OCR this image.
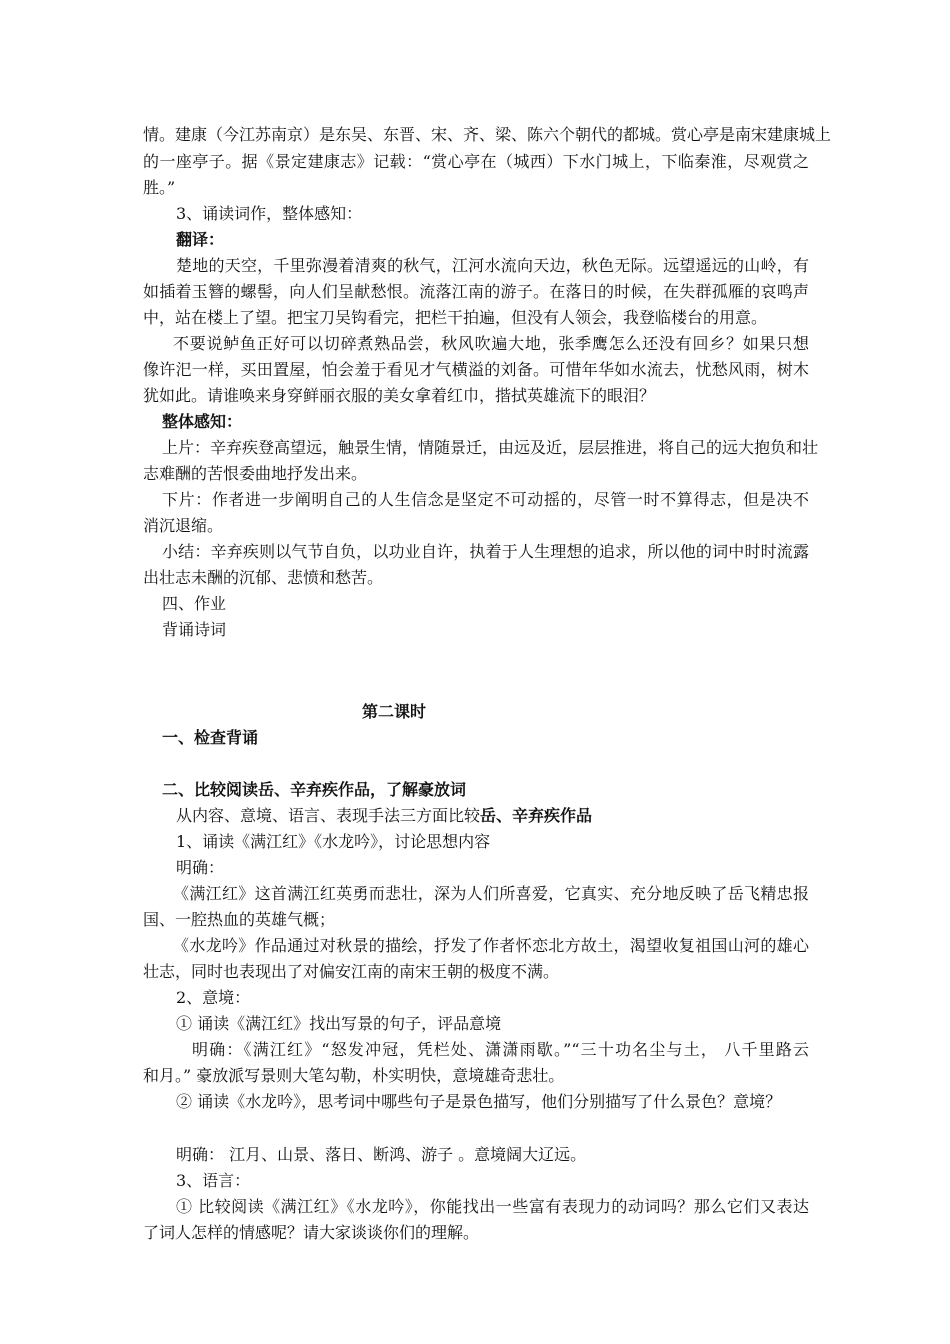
情。建康（今江苏南京）是东吴、东晋、宋、齐、梁、陈六个朝代的都城。赏心亭是南宋建康城上
的一座亭子。据《景定建康志》记载：“赏心亭在（城西）下水门城上，下临秦淮，尽观赏之
胜。”
3、诵读词作，整体感知：
翻译：
楚地的天空，千里弥漫着清爽的秋气，江河水流向天边，秋色无际。远望遥远的山岭，有
如插着玉簪的螺髻，向人们呈献愁恨。流落江南的游子。在落日的时候，在失群孤雁的哀鸣声
中，站在楼上了望。把宝刀吴钩看完，把栏干拍遍，但没有人领会，我登临楼台的用意。
不要说鲈鱼正好可以切碎煮熟品尝，秋风吹遍大地，张季鹰怎么还没有回乡？如果只想
像许汜一样，买田置屋，怕会羞于看见才气横溢的刘备。可惜年华如水流去，忧愁风雨，树木
犹如此。请谁唤来身穿鲜丽衣服的美女拿着红巾，揩拭英雄流下的眼泪？
整体感知：
上片：辛弃疾登高望远，触景生情，情随景迁，由远及近，层层推进，将自己的远大抱负和壮
志难酬的苦恨委曲地抒发出来。
下片：作者进一步阐明自己的人生信念是坚定不可动摇的，尽管一时不算得志，但是决不
消沉退缩。
小结：辛弃疾则以气节自负，以功业自许，执着于人生理想的追求，所以他的词中时时流露
出壮志未酬的沉郁、悲愤和愁苦。
四、作业
背诵诗词
第二课时
一、检查背诵
二、比较阅读岳、辛弃疾作品，了解豪放词
从内容、意境、语言、表现手法三方面比较岳、辛弃疾作品
1、诵读《满江红》《水龙吟》，讨论思想内容
明确：
《满江红》这首满江红英勇而悲壮，深为人们所喜爱，它真实、充分地反映了岳飞精忠报
国、一腔热血的英雄气概；
《水龙吟》作品通过对秋景的描绘，抒发了作者怀恋北方故土，渴望收复祖国山河的雄心
壮志，同时也表现出了对偏安江南的南宋王朝的极度不满。
2、意境：
① 诵读《满江红》找出写景的句子，评品意境
明确：《满江红》“怒发冲冠，凭栏处、潇潇雨歇。”“三十功名尘与土， 八千里路云
和月。” 豪放派写景则大笔勾勒，朴实明快，意境雄奇悲壮。
② 诵读《水龙吟》，思考词中哪些句子是景色描写，他们分别描写了什么景色？意境？
明确： 江月、山景、落日、断鸿、游子 。意境阔大辽远。
3、语言：
① 比较阅读《满江红》《水龙吟》，你能找出一些富有表现力的动词吗？那么它们又表达
了词人怎样的情感呢？请大家谈谈你们的理解。
